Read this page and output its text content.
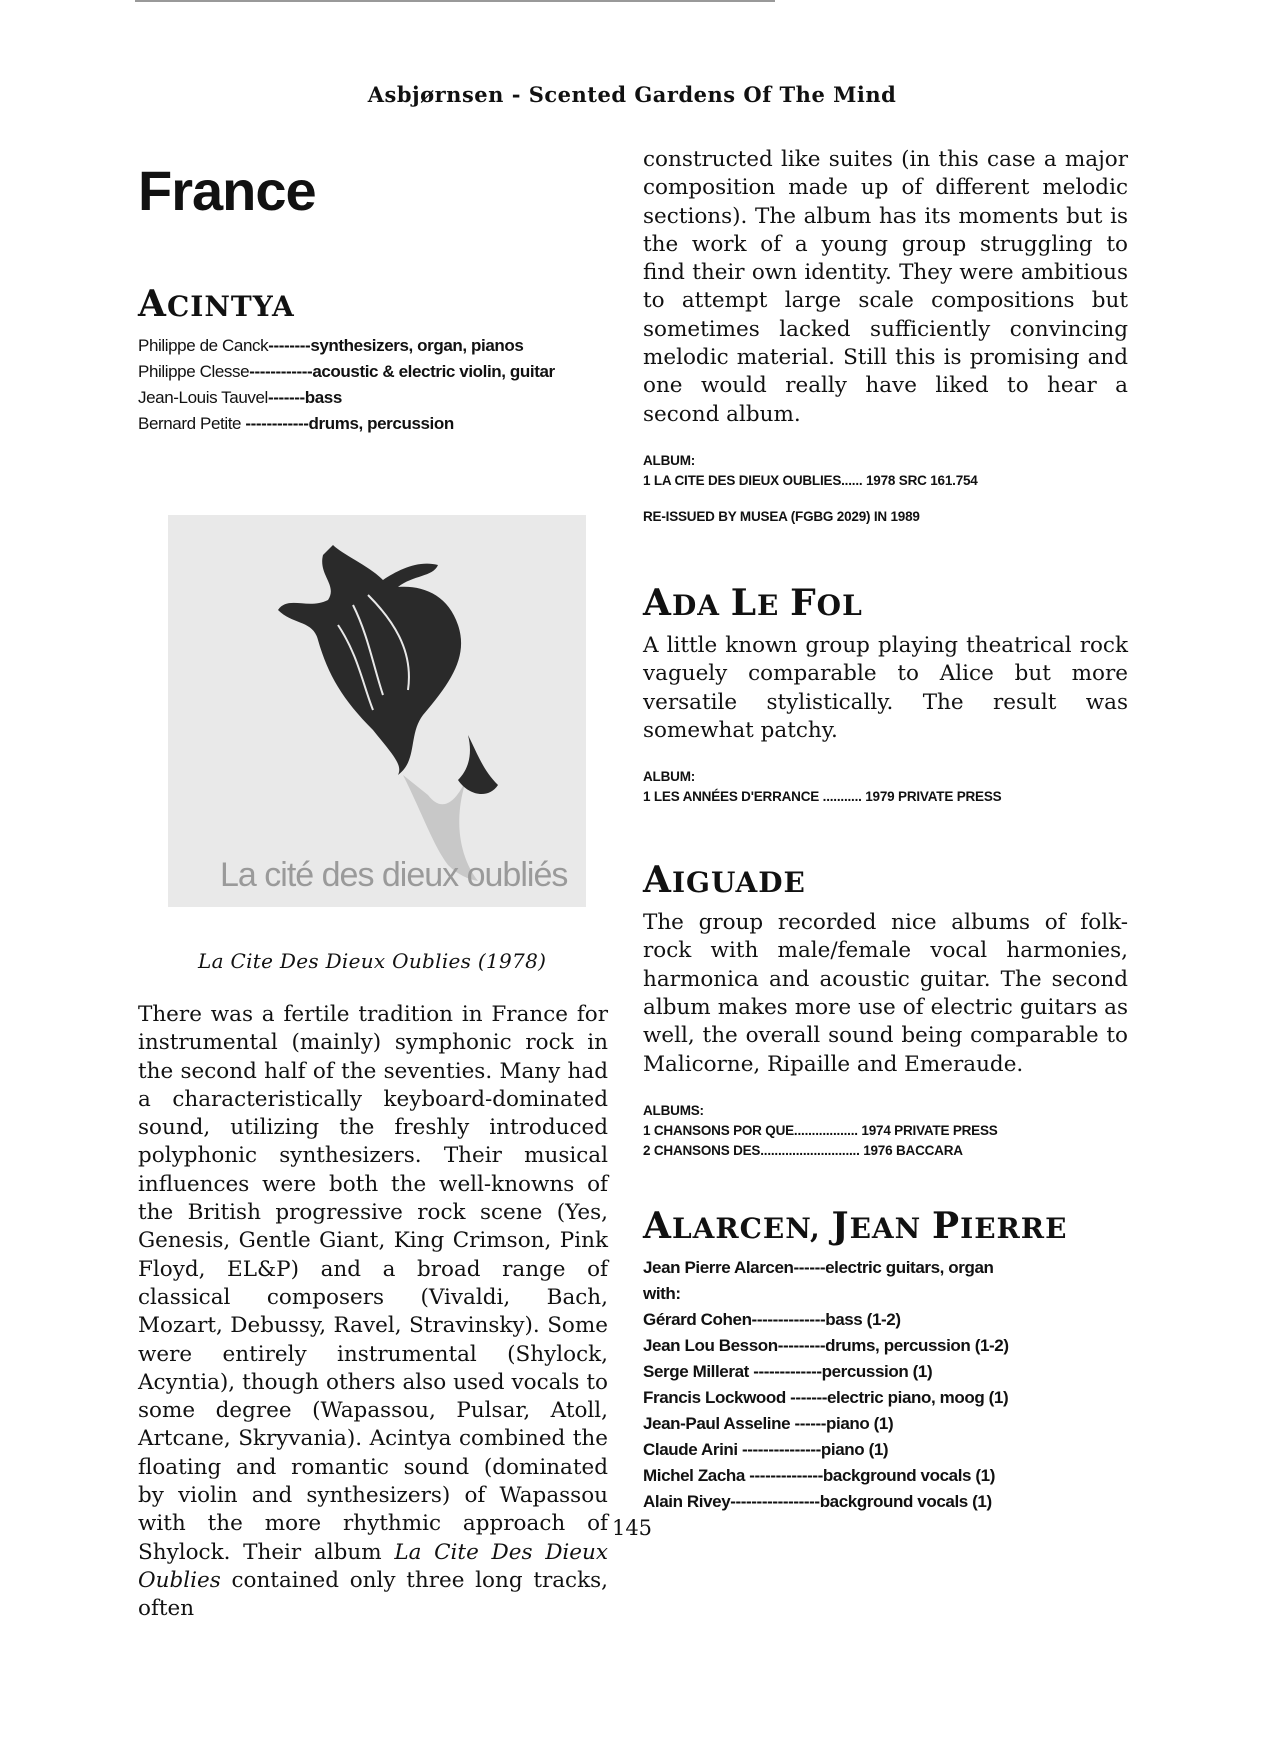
Asbjørnsen - Scented Gardens Of The Mind
France
ACINTYA
Philippe de Canck--------synthesizers, organ, pianos
Philippe Clesse------------acoustic & electric violin, guitar
Jean-Louis Tauvel-------bass
Bernard Petite ------------drums, percussion
La cité des dieux oubliés
La Cite Des Dieux Oublies (1978)
There was a fertile tradition in France for instrumental (mainly) symphonic rock in the second half of the seventies. Many had a characteristically keyboard-dominated sound, utilizing the freshly introduced polyphonic synthesizers. Their musical influences were both the well-knowns of the British progressive rock scene (Yes, Genesis, Gentle Giant, King Crimson, Pink Floyd, EL&P) and a broad range of classical composers (Vivaldi, Bach, Mozart, Debussy, Ravel, Stravinsky). Some were entirely instrumental (Shylock, Acyntia), though others also used vocals to some degree (Wapassou, Pulsar, Atoll, Artcane, Skryvania). Acintya combined the floating and romantic sound (dominated by violin and synthesizers) of Wapassou with the more rhythmic approach of Shylock. Their album La Cite Des Dieux Oublies contained only three long tracks, often
constructed like suites (in this case a major composition made up of different melodic sections). The album has its moments but is the work of a young group struggling to find their own identity. They were ambitious to attempt large scale compositions but sometimes lacked sufficiently convincing melodic material. Still this is promising and one would really have liked to hear a second album.
ALBUM:
1 LA CITE DES DIEUX OUBLIES...... 1978 SRC 161.754
RE-ISSUED BY MUSEA (FGBG 2029) IN 1989
ADA LE FOL
A little known group playing theatrical rock vaguely comparable to Alice but more versatile stylistically. The result was somewhat patchy.
ALBUM:
1 LES ANNÉES D'ERRANCE ........... 1979 PRIVATE PRESS
AIGUADE
The group recorded nice albums of folk-rock with male/female vocal harmonies, harmonica and acoustic guitar. The second album makes more use of electric guitars as well, the overall sound being comparable to Malicorne, Ripaille and Emeraude.
ALBUMS:
1 CHANSONS POR QUE.................. 1974 PRIVATE PRESS
2 CHANSONS DES............................ 1976 BACCARA
ALARCEN, JEAN PIERRE
Jean Pierre Alarcen------electric guitars, organ
with:
Gérard Cohen--------------bass (1-2)
Jean Lou Besson---------drums, percussion (1-2)
Serge Millerat -------------percussion (1)
Francis Lockwood -------electric piano, moog (1)
Jean-Paul Asseline ------piano (1)
Claude Arini ---------------piano (1)
Michel Zacha --------------background vocals (1)
Alain Rivey-----------------background vocals (1)
145
